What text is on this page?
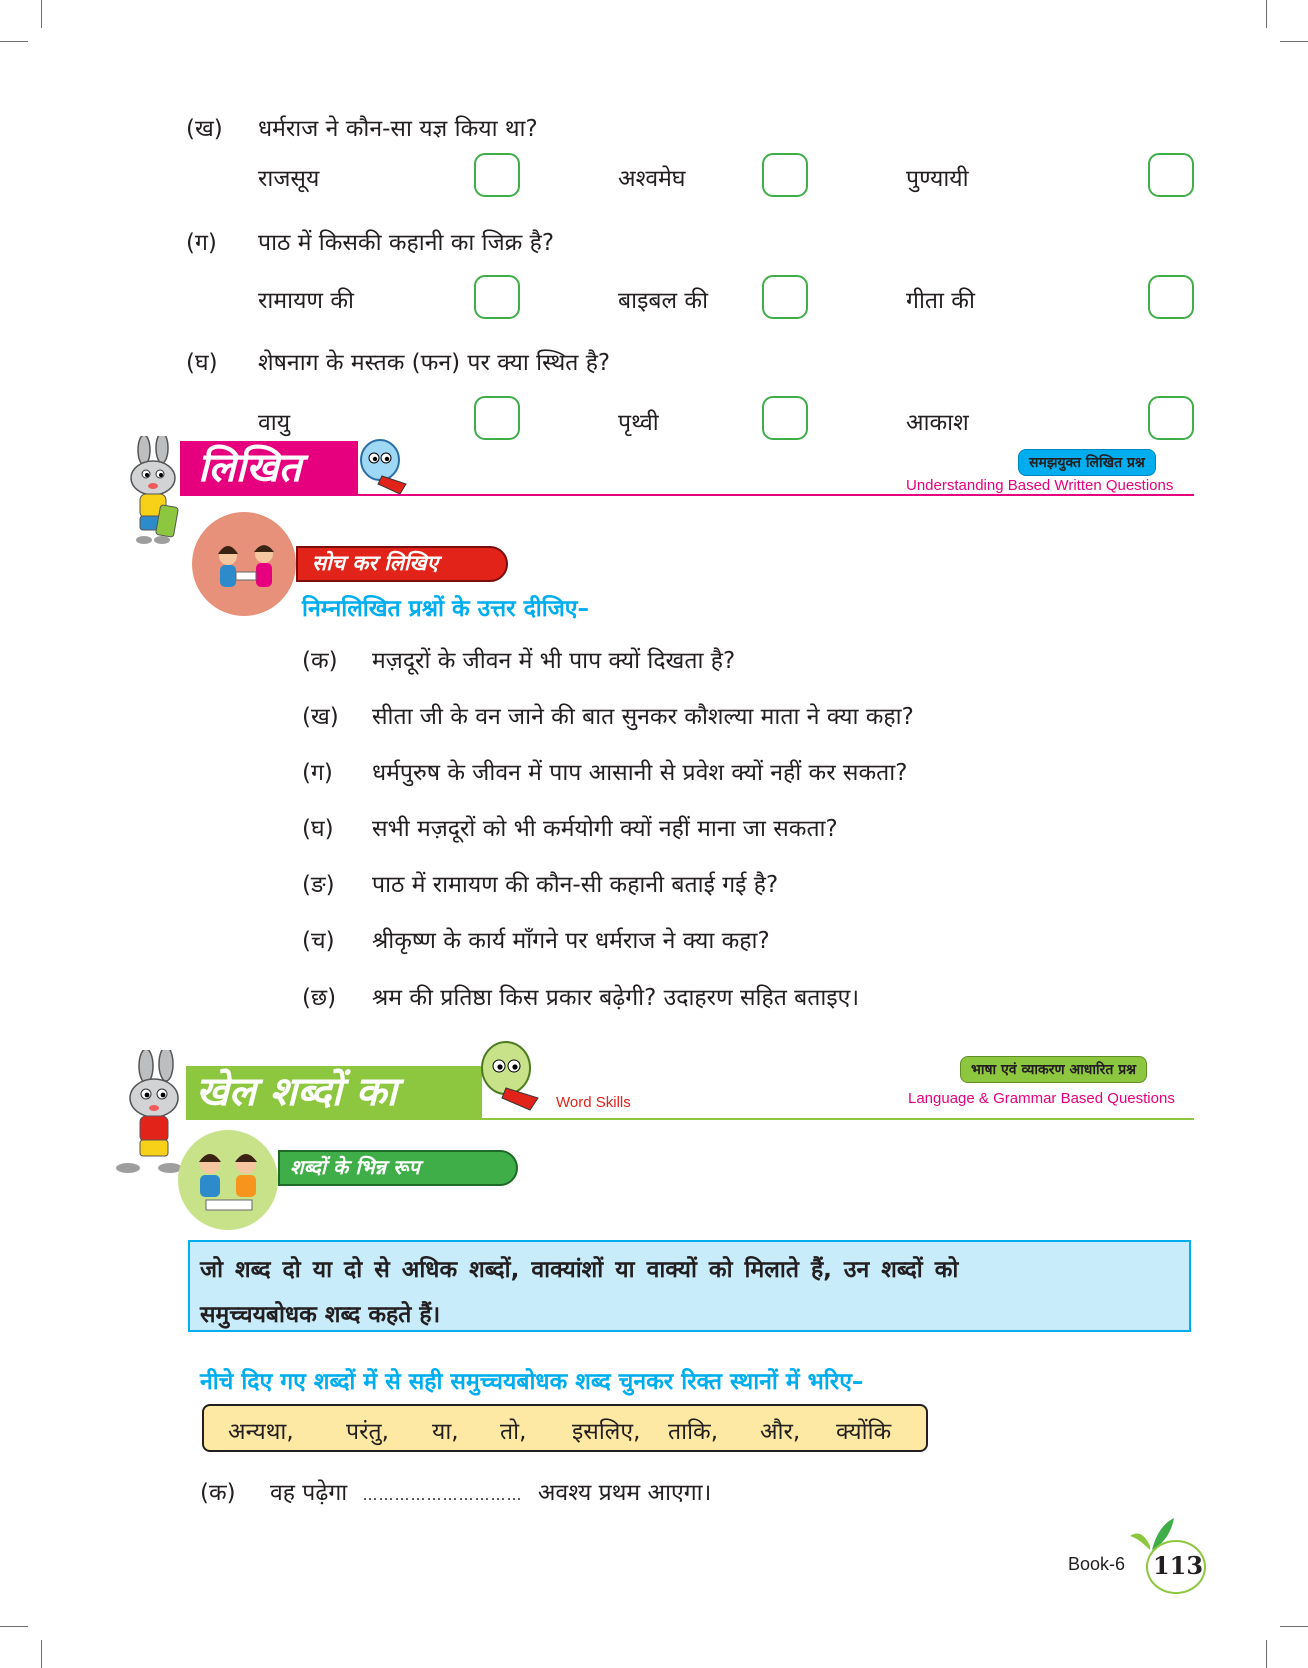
(ख) धर्मराज ने कौन-सा यज्ञ किया था?
राजसूय	अश्वमेघ	पुण्यायी
(ग) पाठ में किसकी कहानी का जिक्र है?
रामायण की	बाइबल की	गीता की
(घ) शेषनाग के मस्तक (फन) पर क्या स्थित है?
वायु	पृथ्वी	आकाश
लिखित	समझयुक्त लिखित प्रश्न
Understanding Based Written Questions
सोच कर लिखिए
निम्नलिखित प्रश्नों के उत्तर दीजिए–
(क) मज़दूरों के जीवन में भी पाप क्यों दिखता है?
(ख) सीता जी के वन जाने की बात सुनकर कौशल्या माता ने क्या कहा?
(ग) धर्मपुरुष के जीवन में पाप आसानी से प्रवेश क्यों नहीं कर सकता?
(घ) सभी मज़दूरों को भी कर्मयोगी क्यों नहीं माना जा सकता?
(ङ) पाठ में रामायण की कौन-सी कहानी बताई गई है?
(च) श्रीकृष्ण के कार्य माँगने पर धर्मराज ने क्या कहा?
(छ) श्रम की प्रतिष्ठा किस प्रकार बढ़ेगी? उदाहरण सहित बताइए।
खेल शब्दों का	Word Skills
भाषा एवं व्याकरण आधारित प्रश्न
Language & Grammar Based Questions
शब्दों के भिन्न रूप
जो शब्द दो या दो से अधिक शब्दों, वाक्यांशों या वाक्यों को मिलाते हैं, उन शब्दों को
समुच्चयबोधक शब्द कहते हैं।
नीचे दिए गए शब्दों में से सही समुच्चयबोधक शब्द चुनकर रिक्त स्थानों में भरिए–
अन्यथा, परंतु, या, तो, इसलिए, ताकि, और, क्योंकि
(क) वह पढ़ेगा ………………………… अवश्य प्रथम आएगा।
Book-6 113
